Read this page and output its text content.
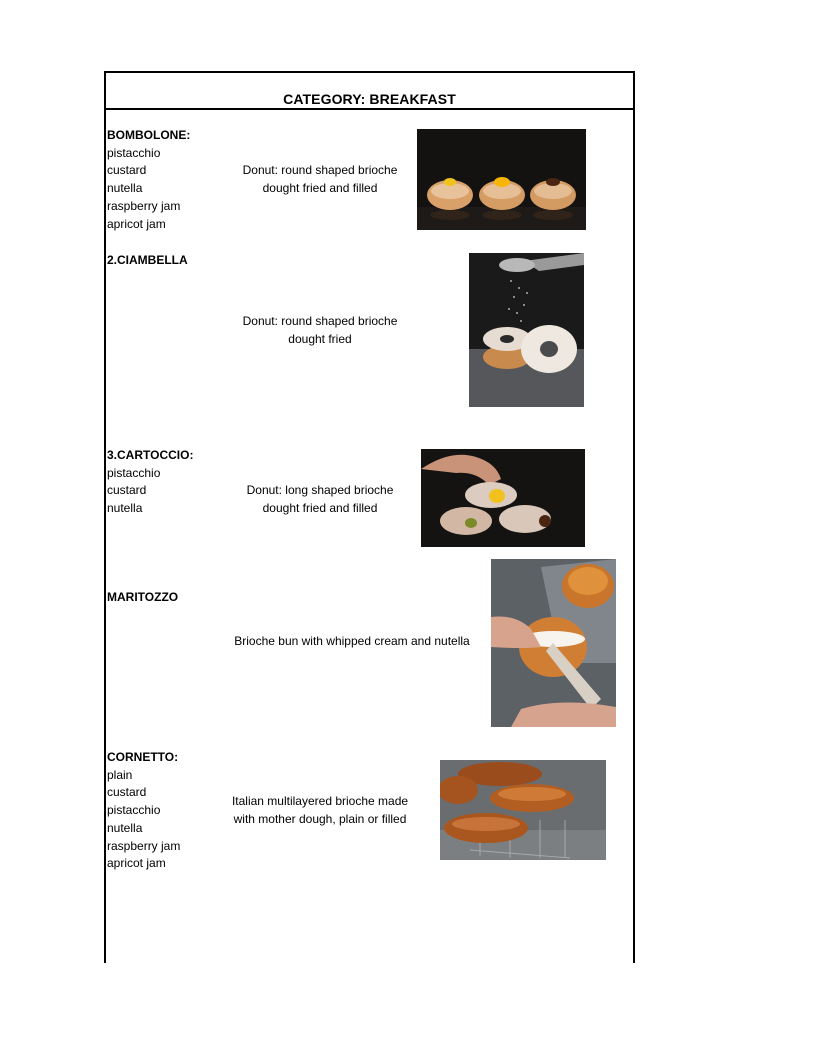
CATEGORY: BREAKFAST
BOMBOLONE:
pistacchio
custard
nutella
raspberry jam
apricot jam
Donut: round shaped brioche
dought fried and filled
2.CIAMBELLA
Donut: round shaped brioche
dought fried
3.CARTOCCIO:
pistacchio
custard
nutella
Donut: long shaped brioche
dought fried and filled
MARITOZZO
Brioche bun with whipped cream and nutella
CORNETTO:
plain
custard
pistacchio
nutella
raspberry jam
apricot jam
Italian multilayered brioche made
with mother dough, plain or filled
